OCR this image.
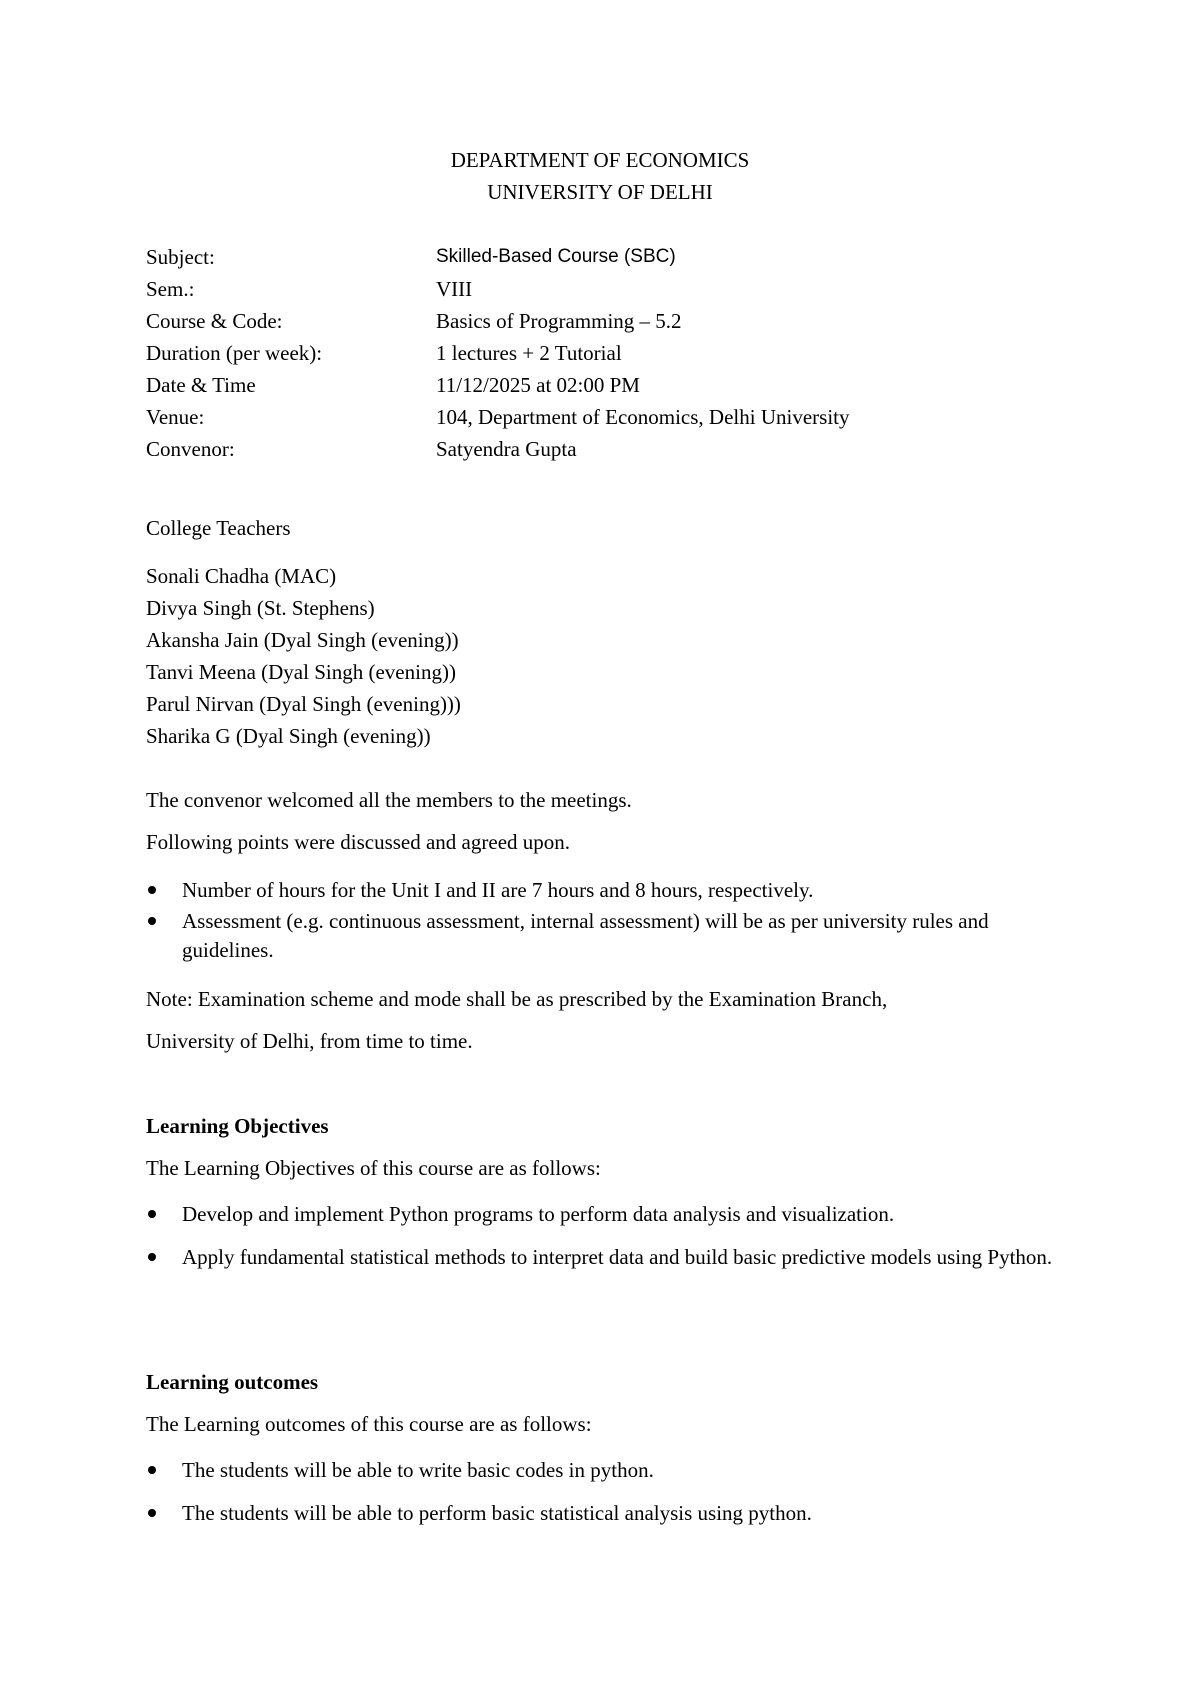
DEPARTMENT OF ECONOMICS
UNIVERSITY OF DELHI
Subject:	Skilled-Based Course (SBC)
Sem.:	VIII
Course & Code:	Basics of Programming – 5.2
Duration (per week):	1 lectures + 2 Tutorial
Date & Time	11/12/2025 at 02:00 PM
Venue:	104, Department of Economics, Delhi University
Convenor:	Satyendra Gupta
College Teachers
Sonali Chadha (MAC)
Divya Singh (St. Stephens)
Akansha Jain (Dyal Singh (evening))
Tanvi Meena (Dyal Singh (evening))
Parul Nirvan (Dyal Singh (evening)))
Sharika G (Dyal Singh (evening))
The convenor welcomed all the members to the meetings.
Following points were discussed and agreed upon.
Number of hours for the Unit I and II are 7 hours and 8 hours, respectively.
Assessment (e.g. continuous assessment, internal assessment) will be as per university rules and guidelines.
Note: Examination scheme and mode shall be as prescribed by the Examination Branch,
University of Delhi, from time to time.
Learning Objectives
The Learning Objectives of this course are as follows:
Develop and implement Python programs to perform data analysis and visualization.
Apply fundamental statistical methods to interpret data and build basic predictive models using Python.
Learning outcomes
The Learning outcomes of this course are as follows:
The students will be able to write basic codes in python.
The students will be able to perform basic statistical analysis using python.
